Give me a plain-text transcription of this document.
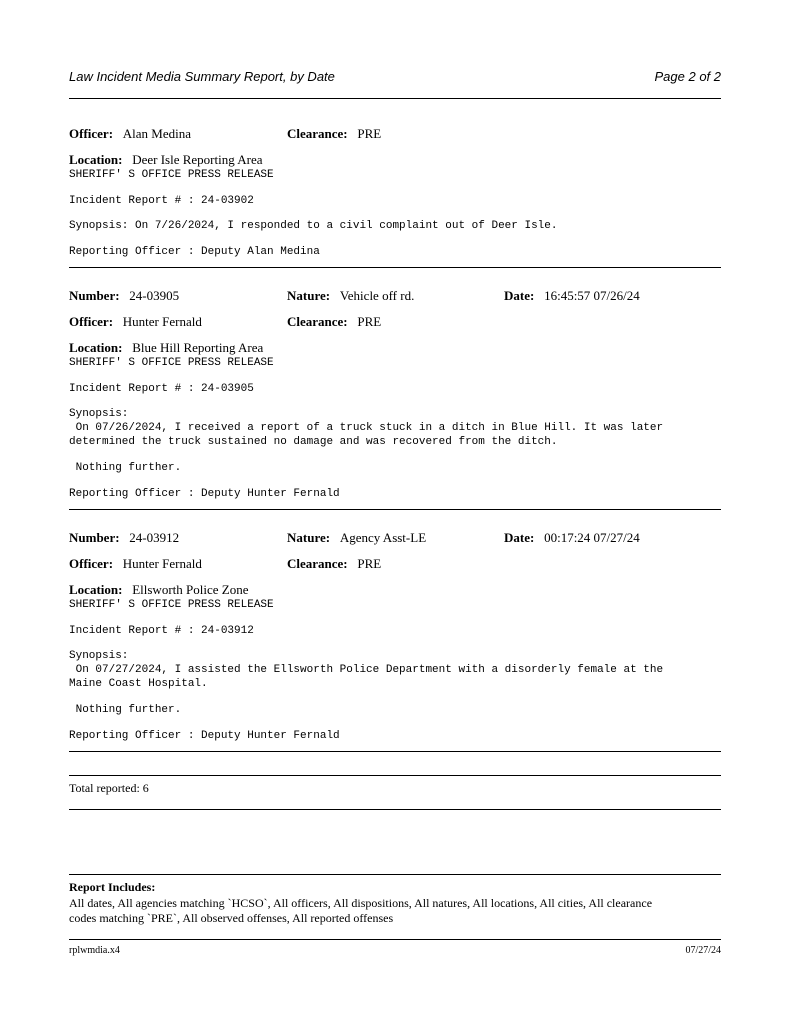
Law Incident Media Summary Report, by Date	Page 2 of 2
Officer: Alan Medina	Clearance: PRE
Location: Deer Isle Reporting Area
SHERIFF' S OFFICE PRESS RELEASE
Incident Report # : 24-03902
Synopsis: On 7/26/2024, I responded to a civil complaint out of Deer Isle.
Reporting Officer : Deputy Alan Medina
Number: 24-03905	Nature: Vehicle off rd.	Date: 16:45:57 07/26/24
Officer: Hunter Fernald	Clearance: PRE
Location: Blue Hill Reporting Area
SHERIFF' S OFFICE PRESS RELEASE
Incident Report # : 24-03905
Synopsis:
On 07/26/2024, I received a report of a truck stuck in a ditch in Blue Hill. It was later
determined the truck sustained no damage and was recovered from the ditch.
Nothing further.
Reporting Officer : Deputy Hunter Fernald
Number: 24-03912	Nature: Agency Asst-LE	Date: 00:17:24 07/27/24
Officer: Hunter Fernald	Clearance: PRE
Location: Ellsworth Police Zone
SHERIFF' S OFFICE PRESS RELEASE
Incident Report # : 24-03912
Synopsis:
On 07/27/2024, I assisted the Ellsworth Police Department with a disorderly female at the
Maine Coast Hospital.
Nothing further.
Reporting Officer : Deputy Hunter Fernald
Total reported: 6
Report Includes:
All dates, All agencies matching `HCSO`, All officers, All dispositions, All natures, All locations, All cities, All clearance
codes matching `PRE`, All observed offenses, All reported offenses
rplwmdia.x4	07/27/24
